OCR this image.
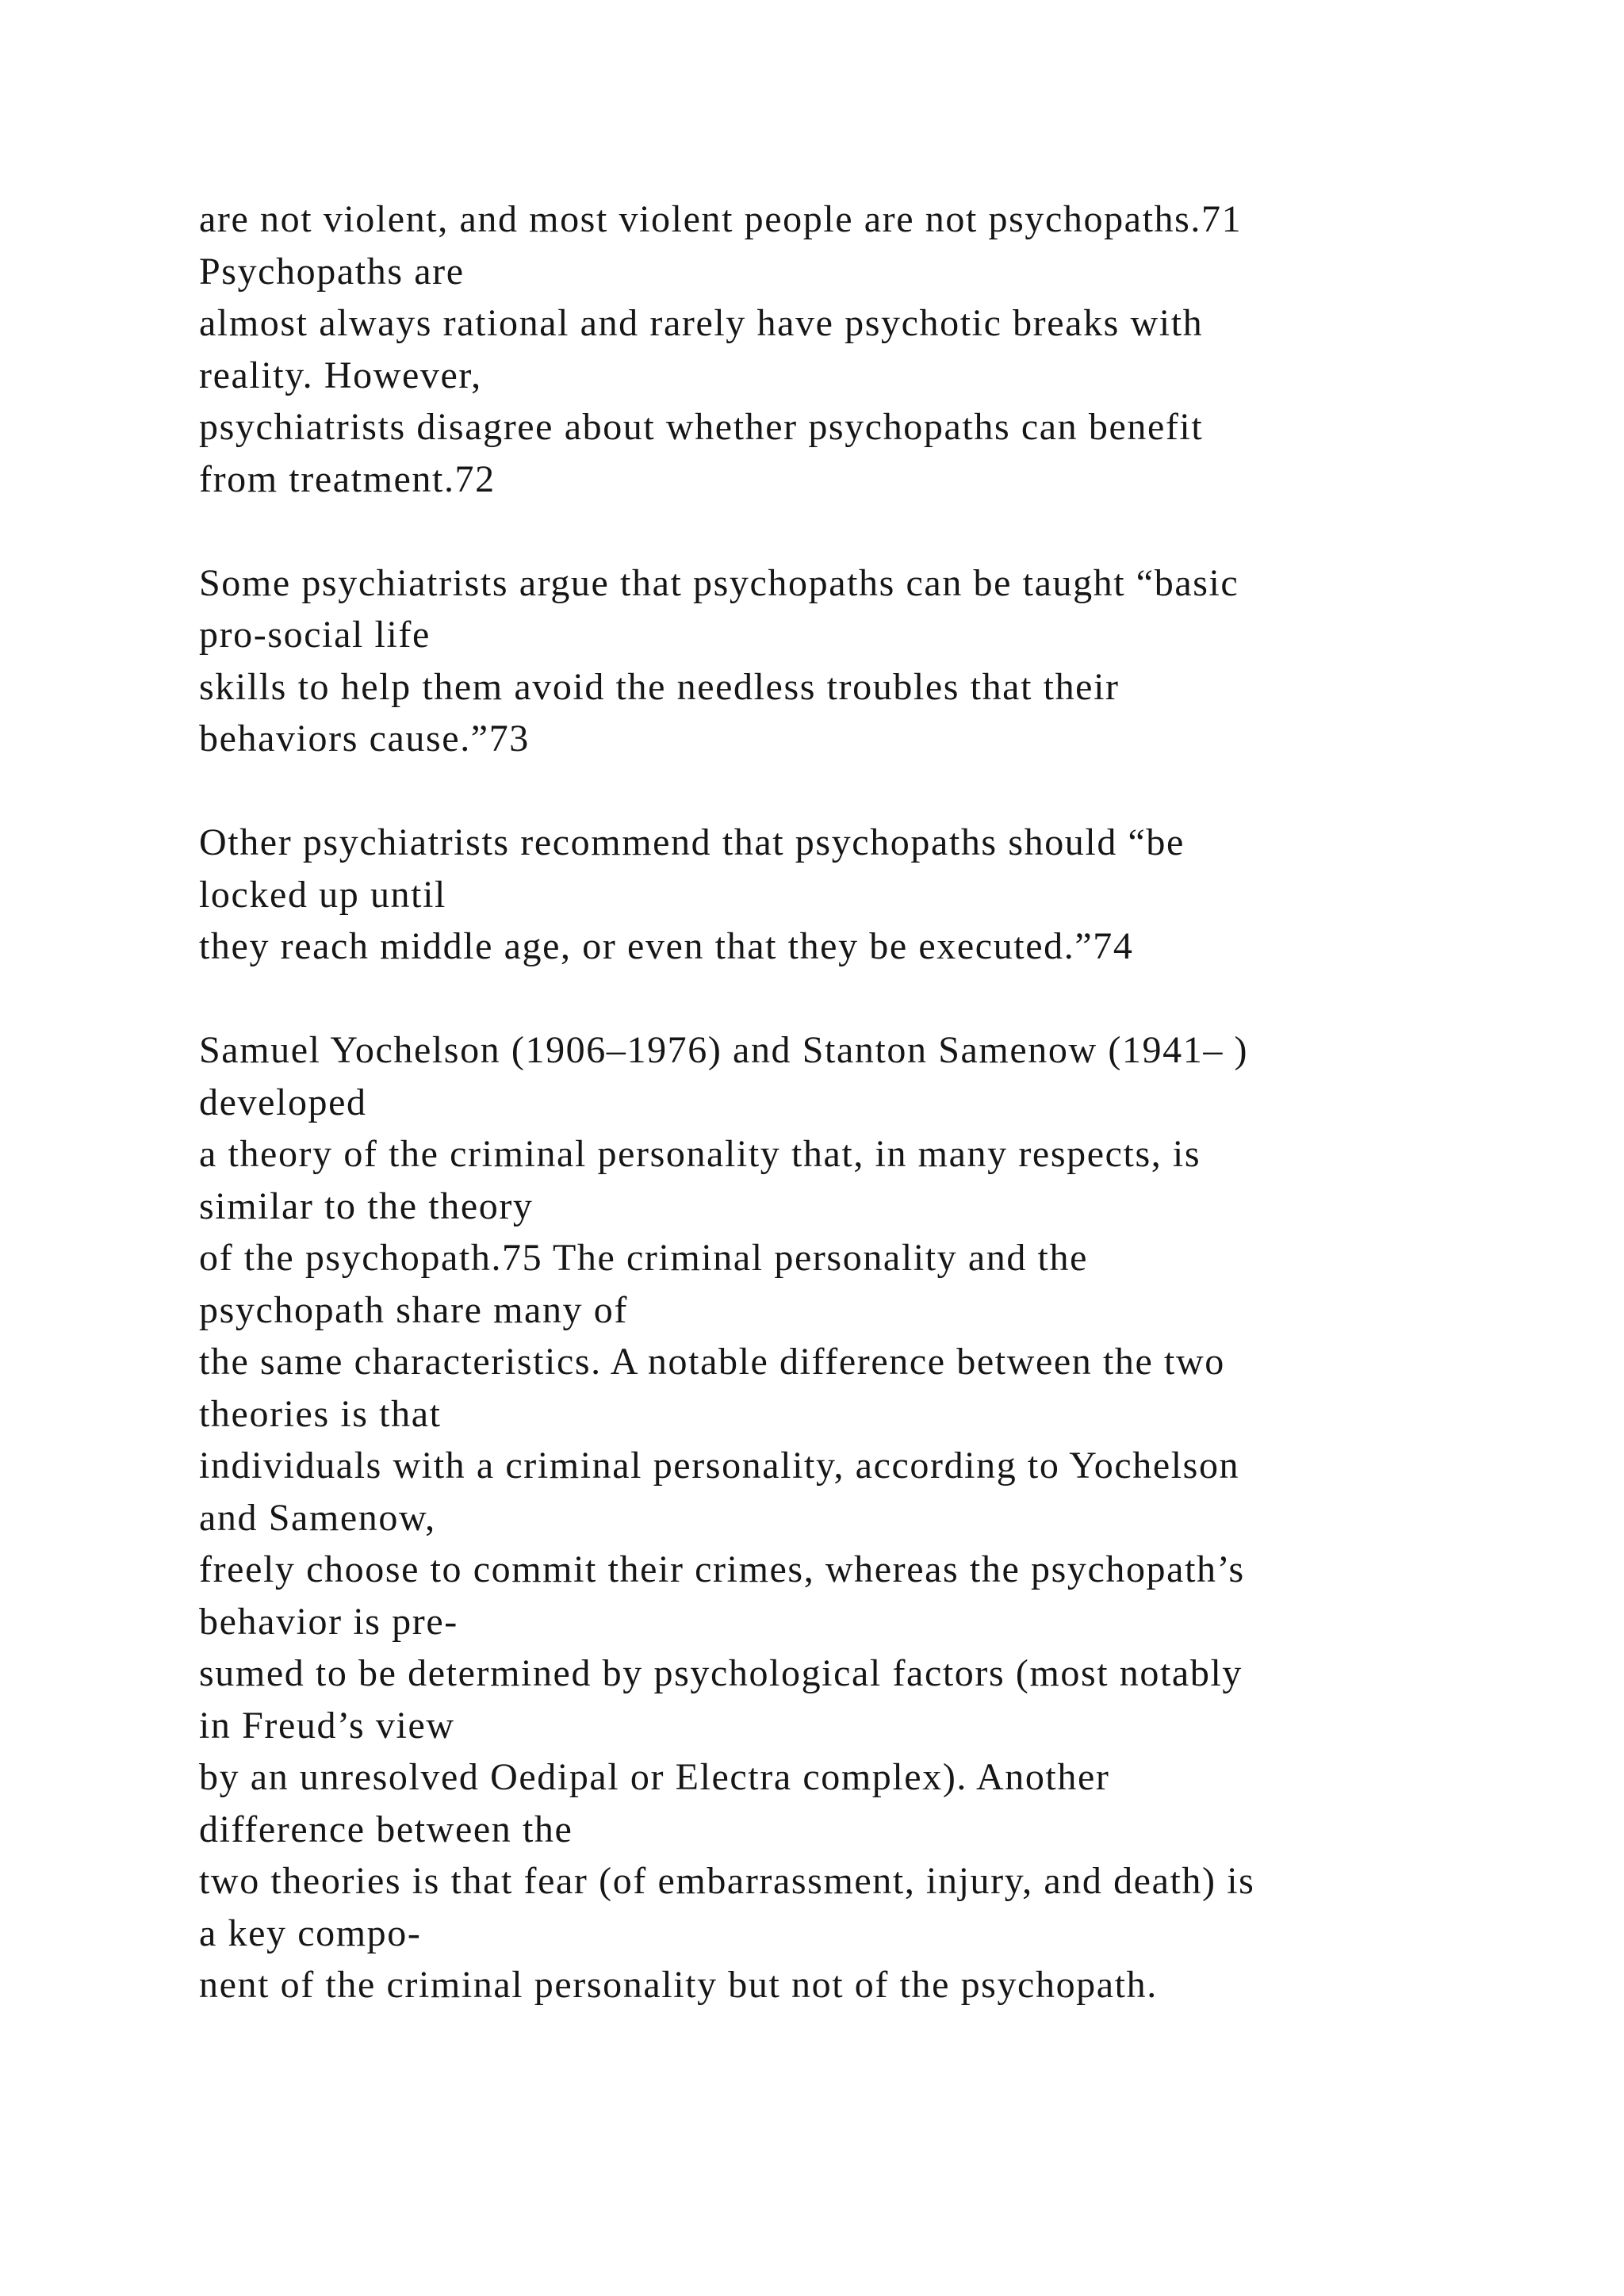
are not violent, and most violent people are not psychopaths.71
Psychopaths are
almost always rational and rarely have psychotic breaks with
reality. However,
psychiatrists disagree about whether psychopaths can benefit
from treatment.72
Some psychiatrists argue that psychopaths can be taught “basic
pro-social life
skills to help them avoid the needless troubles that their
behaviors cause.”73
Other psychiatrists recommend that psychopaths should “be
locked up until
they reach middle age, or even that they be executed.”74
Samuel Yochelson (1906–1976) and Stanton Samenow (1941– )
developed
a theory of the criminal personality that, in many respects, is
similar to the theory
of the psychopath.75 The criminal personality and the
psychopath share many of
the same characteristics. A notable difference between the two
theories is that
individuals with a criminal personality, according to Yochelson
and Samenow,
freely choose to commit their crimes, whereas the psychopath’s
behavior is pre-
sumed to be determined by psychological factors (most notably
in Freud’s view
by an unresolved Oedipal or Electra complex). Another
difference between the
two theories is that fear (of embarrassment, injury, and death) is
a key compo-
nent of the criminal personality but not of the psychopath.
